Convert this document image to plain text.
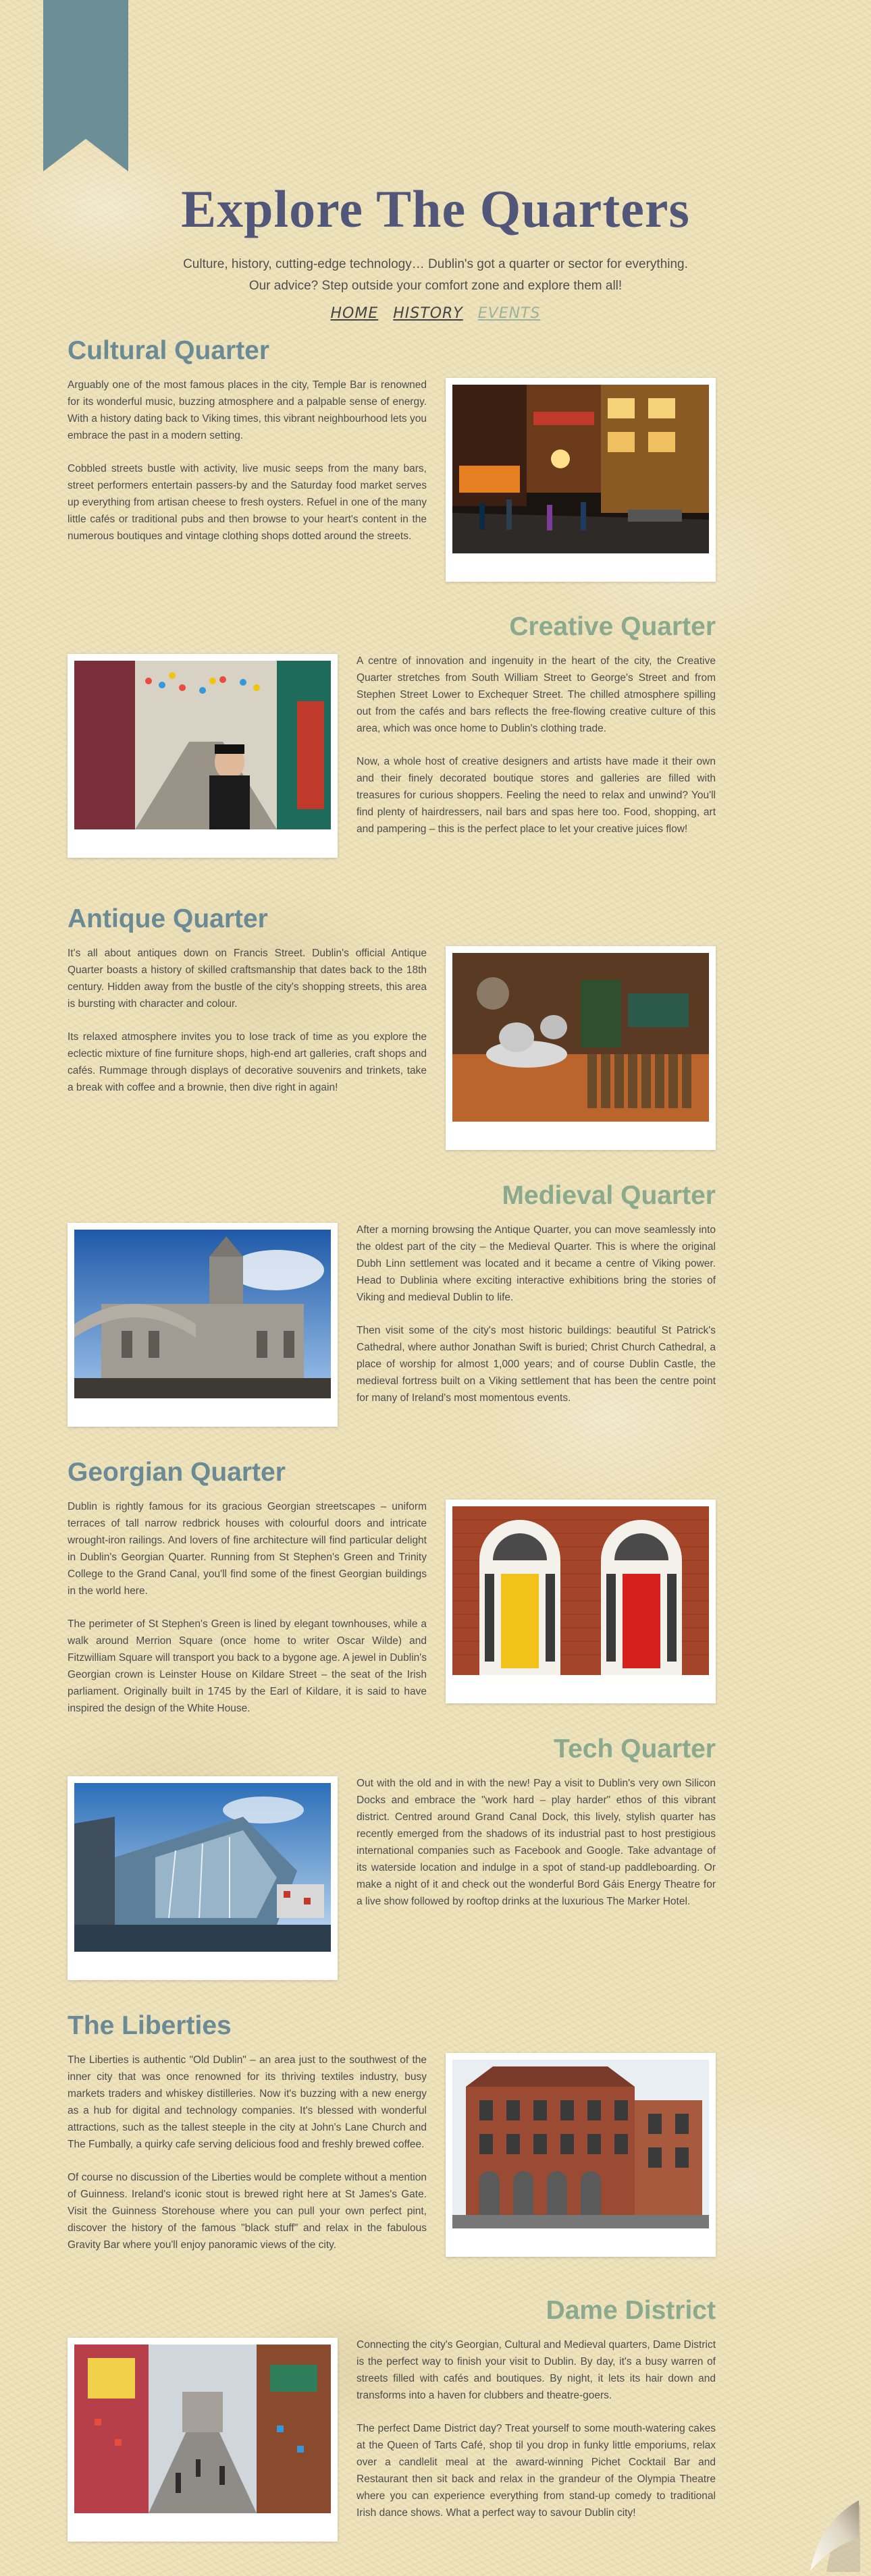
Explore The Quarters

Culture, history, cutting-edge technology… Dublin's got a quarter or sector for everything.
Our advice? Step outside your comfort zone and explore them all!

HOME HISTORY EVENTS
Cultural Quarter

Arguably one of the most famous places in the city, Temple Bar is renowned for its wonderful music, buzzing atmosphere and a palpable sense of energy. With a history dating back to Viking times, this vibrant neighbourhood lets you embrace the past in a modern setting.

Cobbled streets bustle with activity, live music seeps from the many bars, street performers entertain passers-by and the Saturday food market serves up everything from artisan cheese to fresh oysters. Refuel in one of the many little cafés or traditional pubs and then browse to your heart's content in the numerous boutiques and vintage clothing shops dotted around the streets.

Creative Quarter

A centre of innovation and ingenuity in the heart of the city, the Creative Quarter stretches from South William Street to George's Street and from Stephen Street Lower to Exchequer Street. The chilled atmosphere spilling out from the cafés and bars reflects the free-flowing creative culture of this area, which was once home to Dublin's clothing trade.

Now, a whole host of creative designers and artists have made it their own and their finely decorated boutique stores and galleries are filled with treasures for curious shoppers. Feeling the need to relax and unwind? You'll find plenty of hairdressers, nail bars and spas here too. Food, shopping, art and pampering – this is the perfect place to let your creative juices flow!

Antique Quarter

It's all about antiques down on Francis Street. Dublin's official Antique Quarter boasts a history of skilled craftsmanship that dates back to the 18th century. Hidden away from the bustle of the city's shopping streets, this area is bursting with character and colour.

Its relaxed atmosphere invites you to lose track of time as you explore the eclectic mixture of fine furniture shops, high-end art galleries, craft shops and cafés. Rummage through displays of decorative souvenirs and trinkets, take a break with coffee and a brownie, then dive right in again!

Medieval Quarter

After a morning browsing the Antique Quarter, you can move seamlessly into the oldest part of the city – the Medieval Quarter. This is where the original Dubh Linn settlement was located and it became a centre of Viking power. Head to Dublinia where exciting interactive exhibitions bring the stories of Viking and medieval Dublin to life.

Then visit some of the city's most historic buildings: beautiful St Patrick's Cathedral, where author Jonathan Swift is buried; Christ Church Cathedral, a place of worship for almost 1,000 years; and of course Dublin Castle, the medieval fortress built on a Viking settlement that has been the centre point for many of Ireland's most momentous events.

Georgian Quarter

Dublin is rightly famous for its gracious Georgian streetscapes – uniform terraces of tall narrow redbrick houses with colourful doors and intricate wrought-iron railings. And lovers of fine architecture will find particular delight in Dublin's Georgian Quarter. Running from St Stephen's Green and Trinity College to the Grand Canal, you'll find some of the finest Georgian buildings in the world here.

The perimeter of St Stephen's Green is lined by elegant townhouses, while a walk around Merrion Square (once home to writer Oscar Wilde) and Fitzwilliam Square will transport you back to a bygone age. A jewel in Dublin's Georgian crown is Leinster House on Kildare Street – the seat of the Irish parliament. Originally built in 1745 by the Earl of Kildare, it is said to have inspired the design of the White House.

Tech Quarter

Out with the old and in with the new! Pay a visit to Dublin's very own Silicon Docks and embrace the "work hard – play harder" ethos of this vibrant district. Centred around Grand Canal Dock, this lively, stylish quarter has recently emerged from the shadows of its industrial past to host prestigious international companies such as Facebook and Google. Take advantage of its waterside location and indulge in a spot of stand-up paddleboarding. Or make a night of it and check out the wonderful Bord Gáis Energy Theatre for a live show followed by rooftop drinks at the luxurious The Marker Hotel.

The Liberties

The Liberties is authentic "Old Dublin" – an area just to the southwest of the inner city that was once renowned for its thriving textiles industry, busy markets traders and whiskey distilleries. Now it's buzzing with a new energy as a hub for digital and technology companies. It's blessed with wonderful attractions, such as the tallest steeple in the city at John's Lane Church and The Fumbally, a quirky cafe serving delicious food and freshly brewed coffee.

Of course no discussion of the Liberties would be complete without a mention of Guinness. Ireland's iconic stout is brewed right here at St James's Gate. Visit the Guinness Storehouse where you can pull your own perfect pint, discover the history of the famous "black stuff" and relax in the fabulous Gravity Bar where you'll enjoy panoramic views of the city.

Dame District

Connecting the city's Georgian, Cultural and Medieval quarters, Dame District is the perfect way to finish your visit to Dublin. By day, it's a busy warren of streets filled with cafés and boutiques. By night, it lets its hair down and transforms into a haven for clubbers and theatre-goers.

The perfect Dame District day? Treat yourself to some mouth-watering cakes at the Queen of Tarts Café, shop til you drop in funky little emporiums, relax over a candlelit meal at the award-winning Pichet Cocktail Bar and Restaurant then sit back and relax in the grandeur of the Olympia Theatre where you can experience everything from stand-up comedy to traditional Irish dance shows. What a perfect way to savour Dublin city!
